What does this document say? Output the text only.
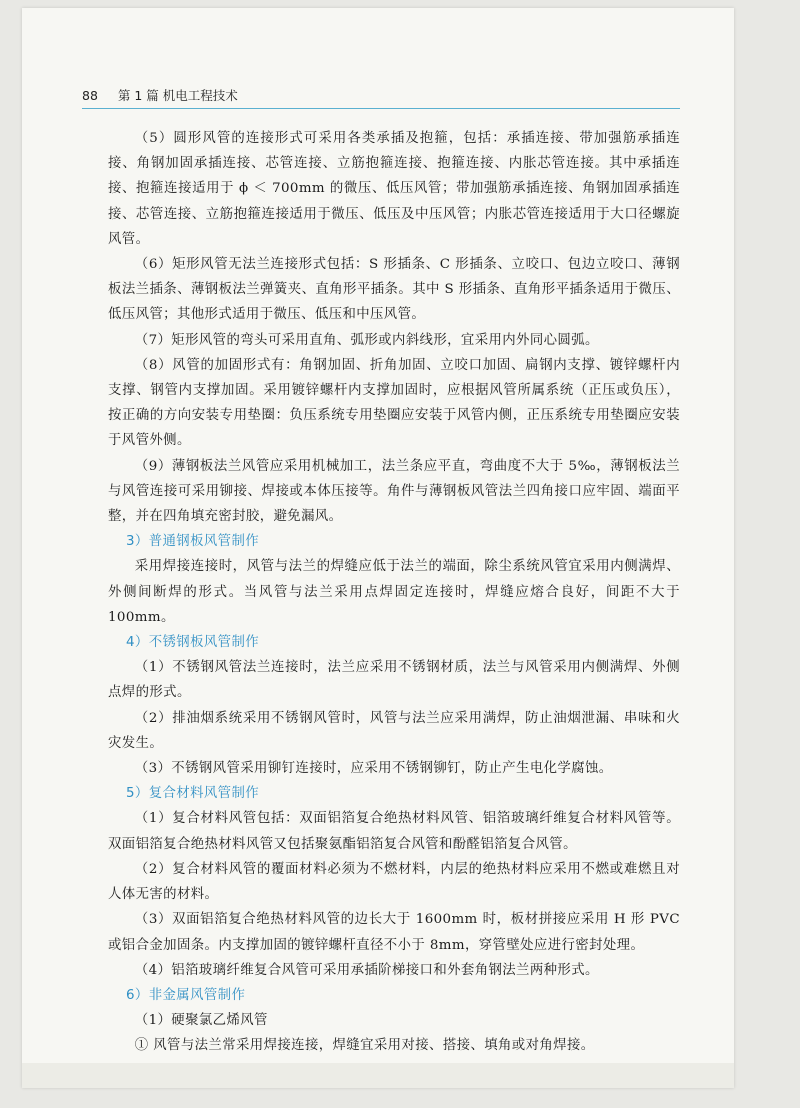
88 第 1 篇 机电工程技术

（5）圆形风管的连接形式可采用各类承插及抱箍，包括：承插连接、带加强筋承插连接、角钢加固承插连接、芯管连接、立筋抱箍连接、抱箍连接、内胀芯管连接。其中承插连接、抱箍连接适用于 ϕ ＜ 700mm 的微压、低压风管；带加强筋承插连接、角钢加固承插连接、芯管连接、立筋抱箍连接适用于微压、低压及中压风管；内胀芯管连接适用于大口径螺旋风管。

（6）矩形风管无法兰连接形式包括：S 形插条、C 形插条、立咬口、包边立咬口、薄钢板法兰插条、薄钢板法兰弹簧夹、直角形平插条。其中 S 形插条、直角形平插条适用于微压、低压风管；其他形式适用于微压、低压和中压风管。

（7）矩形风管的弯头可采用直角、弧形或内斜线形，宜采用内外同心圆弧。

（8）风管的加固形式有：角钢加固、折角加固、立咬口加固、扁钢内支撑、镀锌螺杆内支撑、钢管内支撑加固。采用镀锌螺杆内支撑加固时，应根据风管所属系统（正压或负压），按正确的方向安装专用垫圈：负压系统专用垫圈应安装于风管内侧，正压系统专用垫圈应安装于风管外侧。

（9）薄钢板法兰风管应采用机械加工，法兰条应平直，弯曲度不大于 5‰，薄钢板法兰与风管连接可采用铆接、焊接或本体压接等。角件与薄钢板风管法兰四角接口应牢固、端面平整，并在四角填充密封胶，避免漏风。

3）普通钢板风管制作

采用焊接连接时，风管与法兰的焊缝应低于法兰的端面，除尘系统风管宜采用内侧满焊、外侧间断焊的形式。当风管与法兰采用点焊固定连接时，焊缝应熔合良好，间距不大于 100mm。

4）不锈钢板风管制作

（1）不锈钢风管法兰连接时，法兰应采用不锈钢材质，法兰与风管采用内侧满焊、外侧点焊的形式。

（2）排油烟系统采用不锈钢风管时，风管与法兰应采用满焊，防止油烟泄漏、串味和火灾发生。

（3）不锈钢风管采用铆钉连接时，应采用不锈钢铆钉，防止产生电化学腐蚀。

5）复合材料风管制作

（1）复合材料风管包括：双面铝箔复合绝热材料风管、铝箔玻璃纤维复合材料风管等。双面铝箔复合绝热材料风管又包括聚氨酯铝箔复合风管和酚醛铝箔复合风管。

（2）复合材料风管的覆面材料必须为不燃材料，内层的绝热材料应采用不燃或难燃且对人体无害的材料。

（3）双面铝箔复合绝热材料风管的边长大于 1600mm 时，板材拼接应采用 H 形 PVC 或铝合金加固条。内支撑加固的镀锌螺杆直径不小于 8mm，穿管壁处应进行密封处理。

（4）铝箔玻璃纤维复合风管可采用承插阶梯接口和外套角钢法兰两种形式。

6）非金属风管制作

（1）硬聚氯乙烯风管

① 风管与法兰常采用焊接连接，焊缝宜采用对接、搭接、填角或对角焊接。
